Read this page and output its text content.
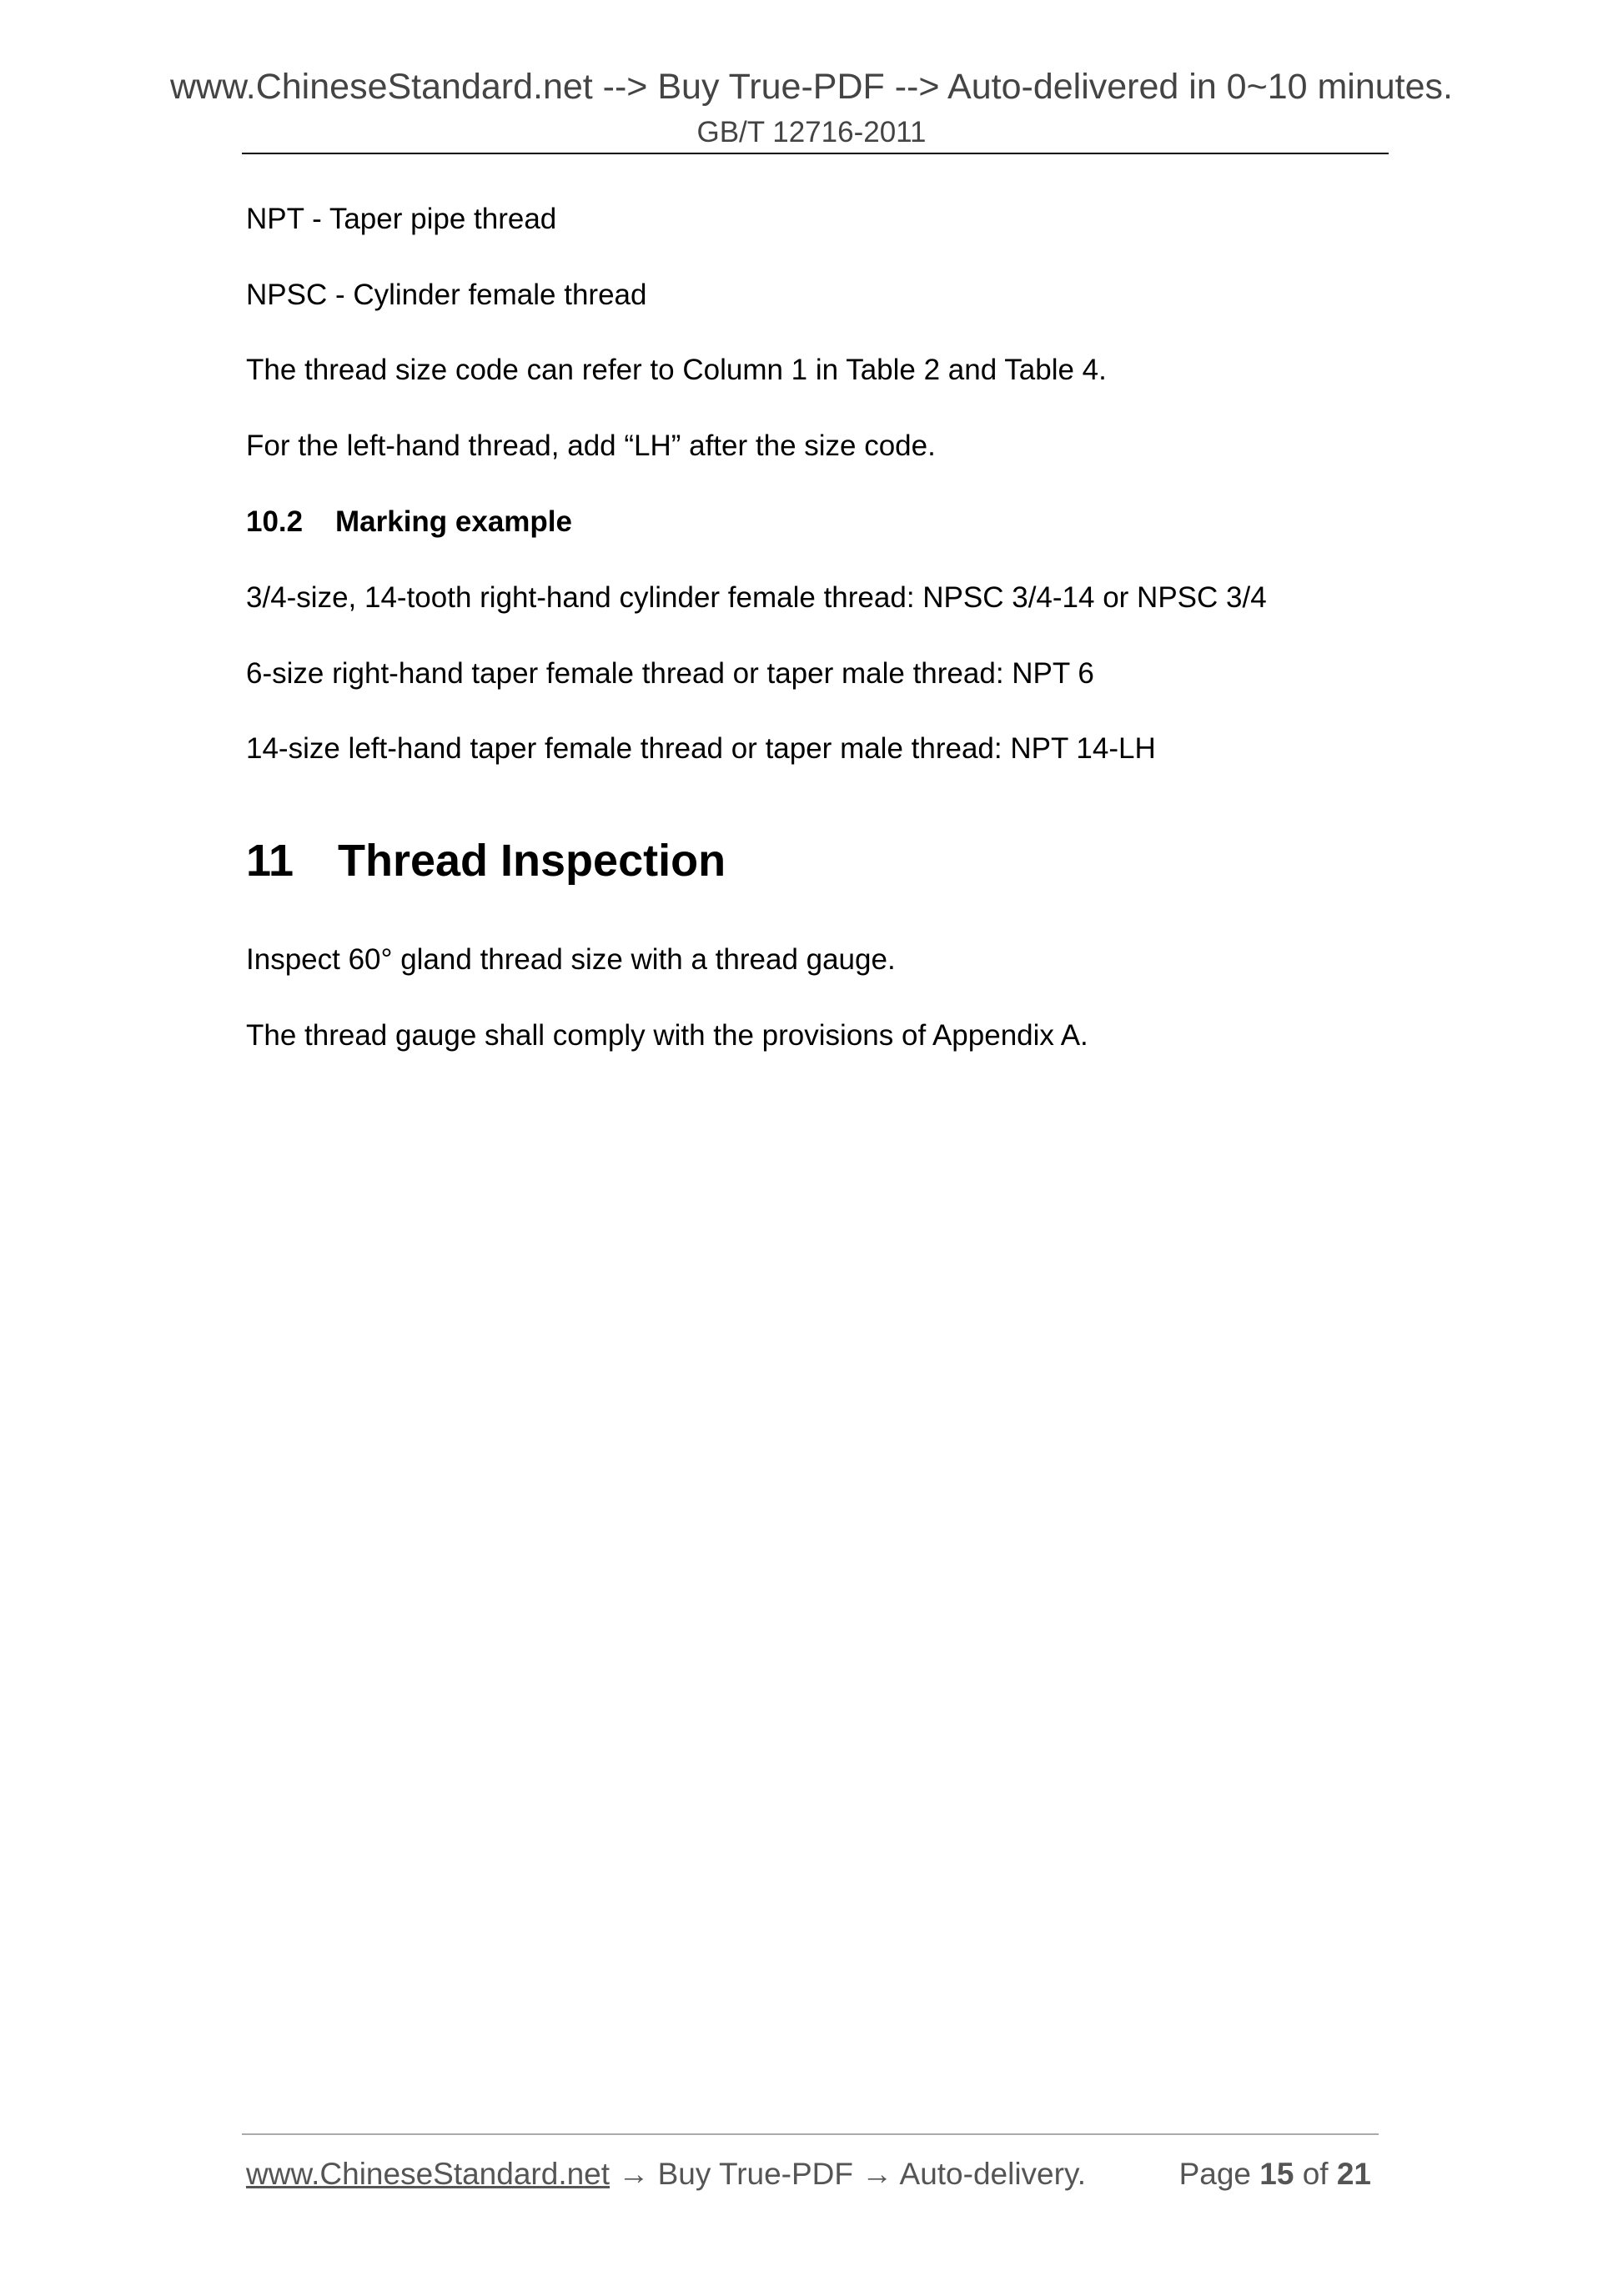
www.ChineseStandard.net --> Buy True-PDF --> Auto-delivered in 0~10 minutes.
GB/T 12716-2011
NPT - Taper pipe thread
NPSC - Cylinder female thread
The thread size code can refer to Column 1 in Table 2 and Table 4.
For the left-hand thread, add “LH” after the size code.
10.2 Marking example
3/4-size, 14-tooth right-hand cylinder female thread: NPSC 3/4-14 or NPSC 3/4
6-size right-hand taper female thread or taper male thread: NPT 6
14-size left-hand taper female thread or taper male thread: NPT 14-LH
11 Thread Inspection
Inspect 60° gland thread size with a thread gauge.
The thread gauge shall comply with the provisions of Appendix A.
www.ChineseStandard.net → Buy True-PDF → Auto-delivery.	Page 15 of 21
